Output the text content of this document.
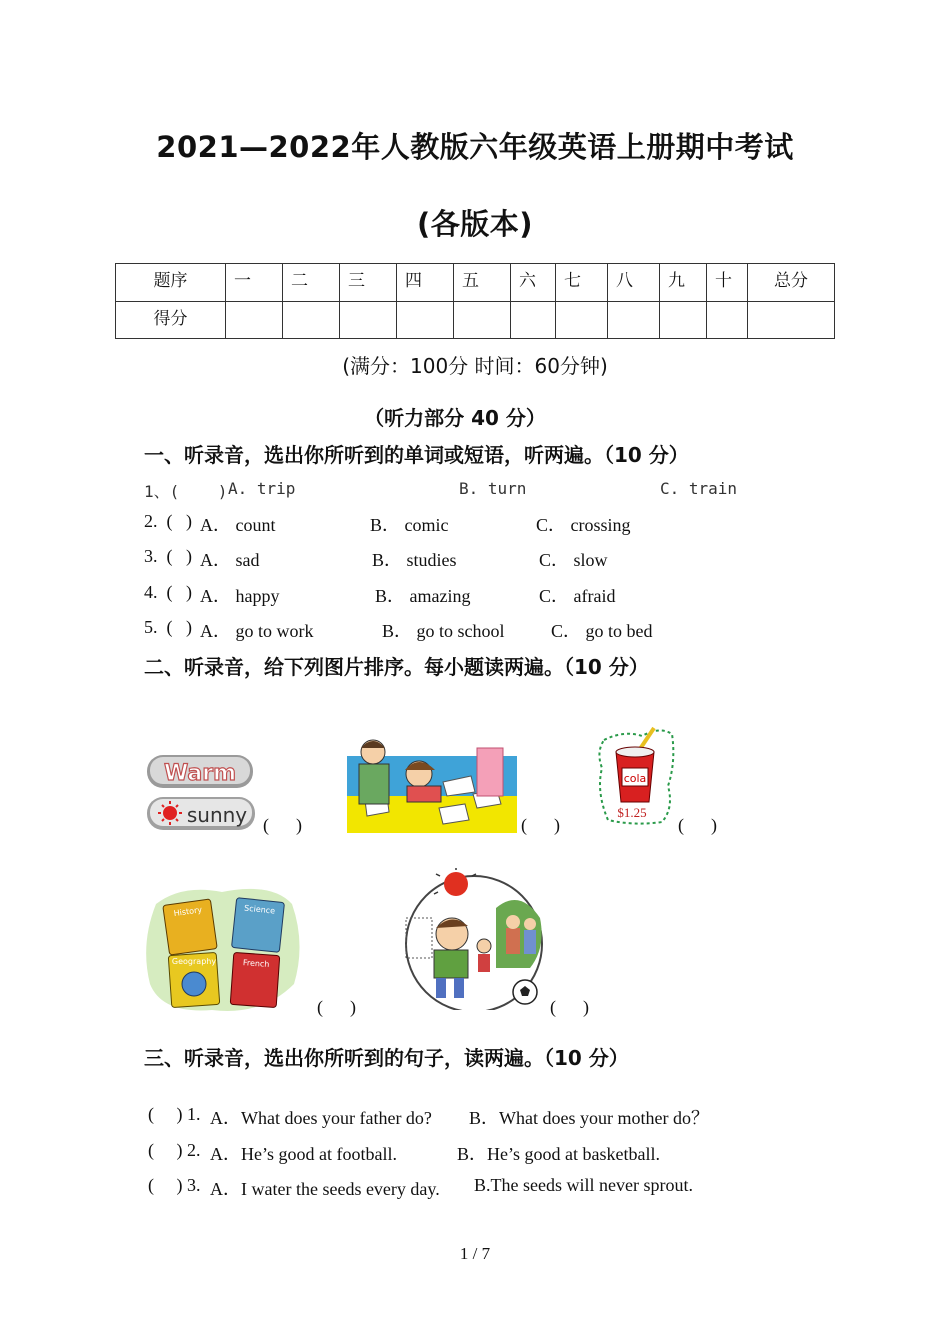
2021—2022年人教版六年级英语上册期中考试
(各版本)
题序	一	二	三	四	五	六	七	八	九	十	总分
得分											
(满分：100分 时间：60分钟)
（听力部分 40 分）
一、听录音，选出你所听到的单词或短语，听两遍。（10 分）
1、(    ) A. trip	B. turn	C. train
2.  (   ) A． count	B． comic	C． crossing
3.  (   ) A． sad	B． studies	C． slow
4.  (   ) A． happy	B． amazing	C． afraid
5.  (   ) A． go to work	B． go to school	C． go to bed
二、听录音，给下列图片排序。每小题读两遍。（10 分）
Warm
sunny (      )	(      )
cola
$1.25
(      )
History	Science
Geography	French
(      )	(      )
三、听录音，选出你所听到的句子，读两遍。（10 分）
(     ) 1. A．What does your father do? B．What does your mother do？
(     ) 2. A．He’s good at football.	B．He’s good at basketball.
(     ) 3. A．I water the seeds every day. B.The seeds will never sprout.
1 / 7
